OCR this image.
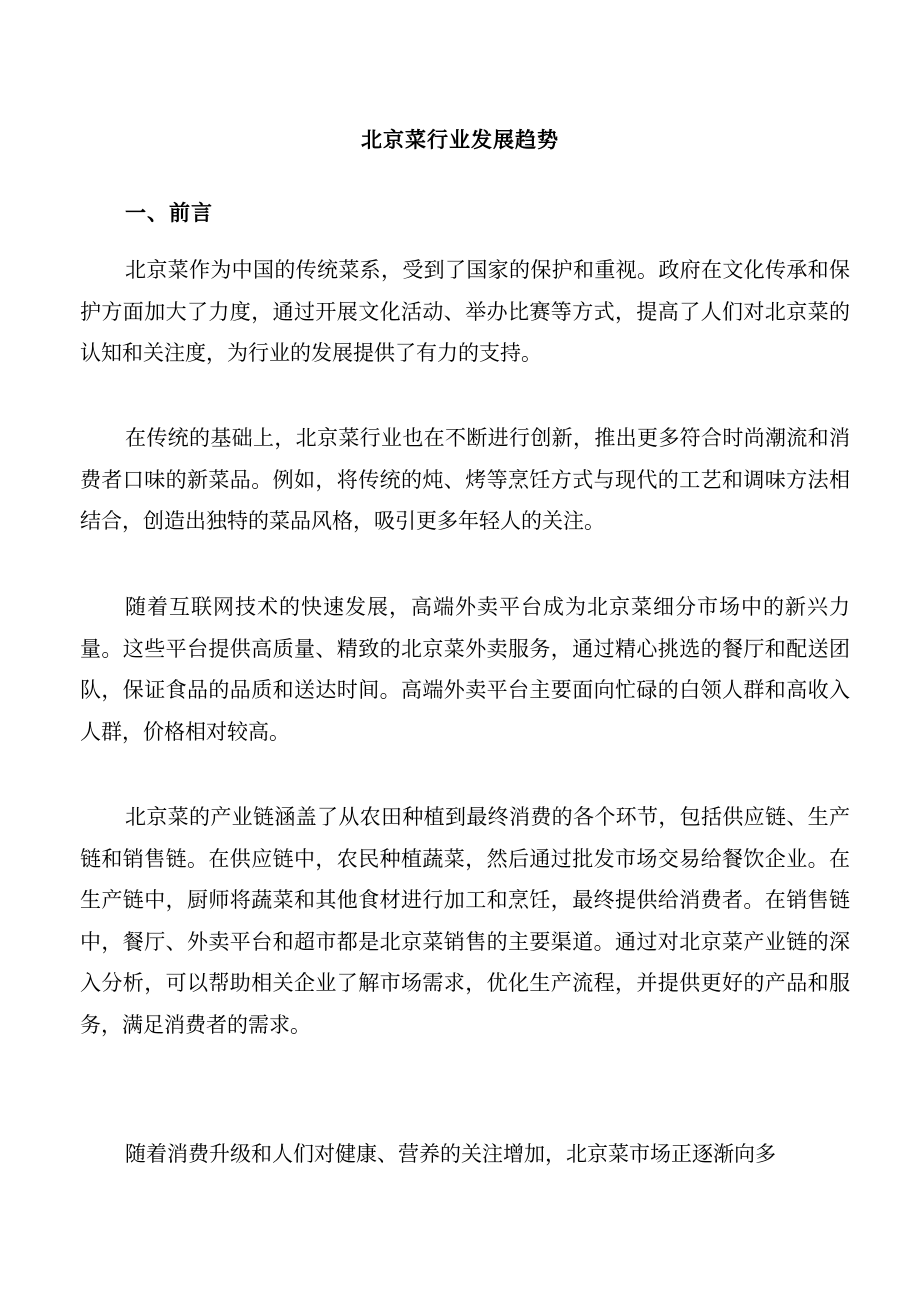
北京菜行业发展趋势
一、前言

北京菜作为中国的传统菜系，受到了国家的保护和重视。政府在文化传承和保护方面加大了力度，通过开展文化活动、举办比赛等方式，提高了人们对北京菜的认知和关注度，为行业的发展提供了有力的支持。

在传统的基础上，北京菜行业也在不断进行创新，推出更多符合时尚潮流和消费者口味的新菜品。例如，将传统的炖、烤等烹饪方式与现代的工艺和调味方法相结合，创造出独特的菜品风格，吸引更多年轻人的关注。

随着互联网技术的快速发展，高端外卖平台成为北京菜细分市场中的新兴力量。这些平台提供高质量、精致的北京菜外卖服务，通过精心挑选的餐厅和配送团队，保证食品的品质和送达时间。高端外卖平台主要面向忙碌的白领人群和高收入人群，价格相对较高。

北京菜的产业链涵盖了从农田种植到最终消费的各个环节，包括供应链、生产链和销售链。在供应链中，农民种植蔬菜，然后通过批发市场交易给餐饮企业。在生产链中，厨师将蔬菜和其他食材进行加工和烹饪，最终提供给消费者。在销售链中，餐厅、外卖平台和超市都是北京菜销售的主要渠道。通过对北京菜产业链的深入分析，可以帮助相关企业了解市场需求，优化生产流程，并提供更好的产品和服务，满足消费者的需求。

随着消费升级和人们对健康、营养的关注增加，北京菜市场正逐渐向多
